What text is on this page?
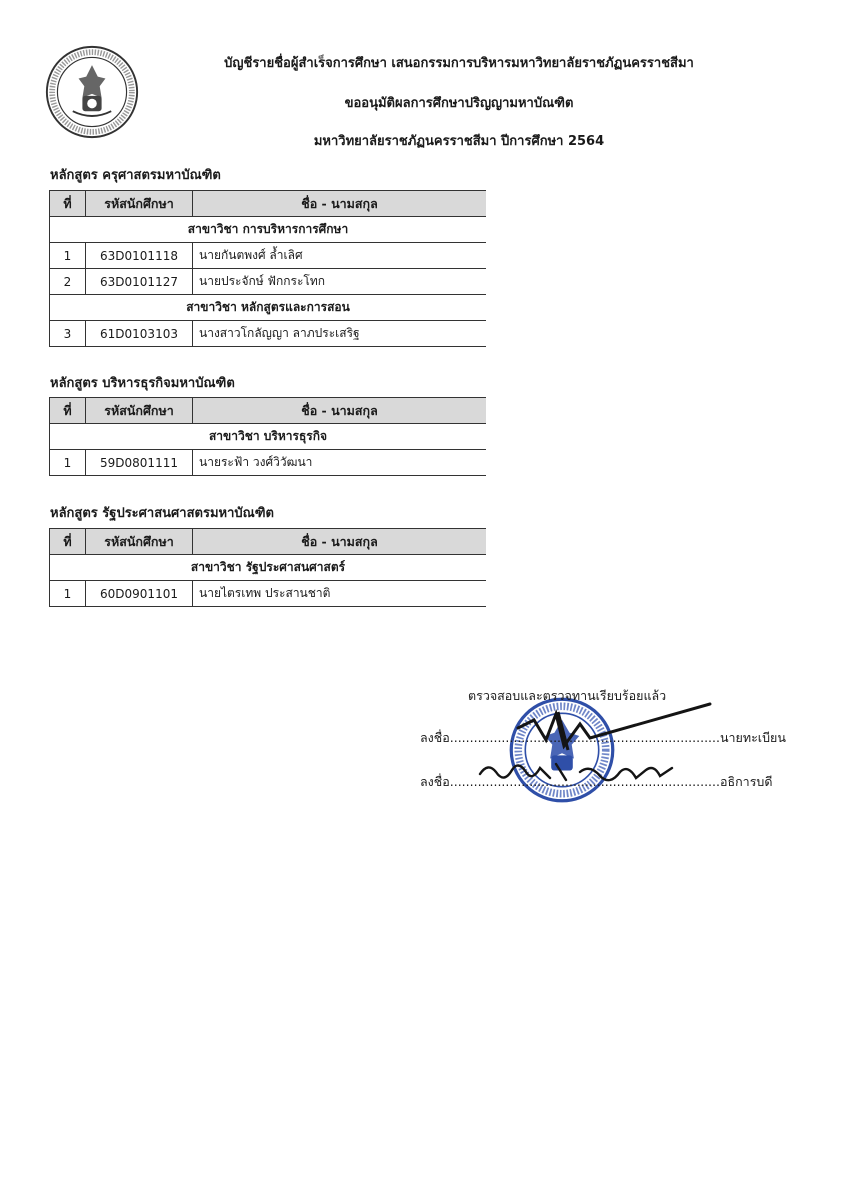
บัญชีรายชื่อผู้สำเร็จการศึกษา เสนอกรรมการบริหารมหาวิทยาลัยราชภัฏนครราชสีมา
ขออนุมัติผลการศึกษาปริญญามหาบัณฑิต
มหาวิทยาลัยราชภัฏนครราชสีมา ปีการศึกษา 2564
หลักสูตร ครุศาสตรมหาบัณฑิต
ที่	รหัสนักศึกษา	ชื่อ - นามสกุล
สาขาวิชา การบริหารการศึกษา		
1	63D0101118	นายกันตพงศ์ ล้ำเลิศ
2	63D0101127	นายประจักษ์ ฟักกระโทก
สาขาวิชา หลักสูตรและการสอน		
3	61D0103103	นางสาวโกลัญญา ลาภประเสริฐ
หลักสูตร บริหารธุรกิจมหาบัณฑิต
ที่	รหัสนักศึกษา	ชื่อ - นามสกุล
สาขาวิชา บริหารธุรกิจ		
1	59D0801111	นายระฟ้า วงศ์วิวัฒนา
หลักสูตร รัฐประศาสนศาสตรมหาบัณฑิต
ที่	รหัสนักศึกษา	ชื่อ - นามสกุล
สาขาวิชา รัฐประศาสนศาสตร์		
1	60D0901101	นายไตรเทพ ประสานชาติ
ตรวจสอบและตรวจทานเรียบร้อยแล้ว
ลงชื่อ....................................................................นายทะเบียน
ลงชื่อ....................................................................อธิการบดี
